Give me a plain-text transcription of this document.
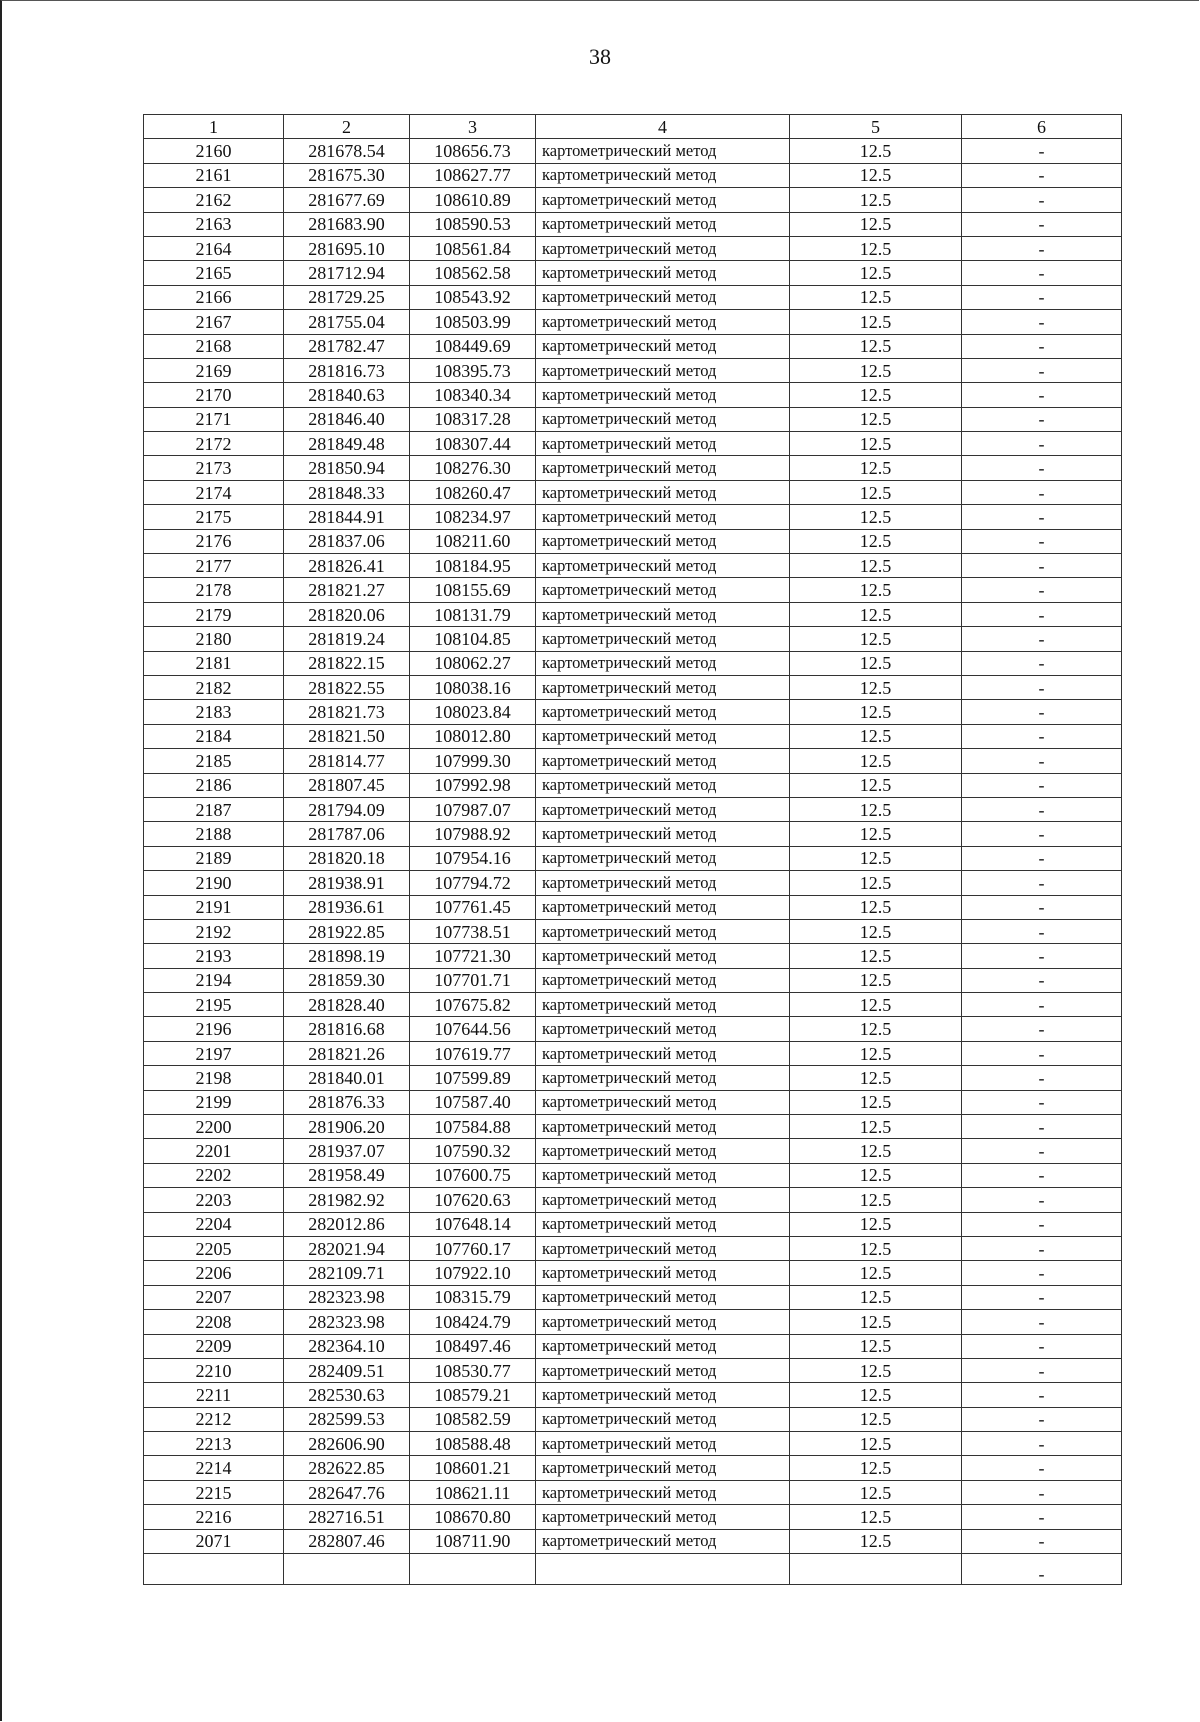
38
1	2	3	4	5	6
2160	281678.54	108656.73	картометрический метод	12.5	-
2161	281675.30	108627.77	картометрический метод	12.5	-
2162	281677.69	108610.89	картометрический метод	12.5	-
2163	281683.90	108590.53	картометрический метод	12.5	-
2164	281695.10	108561.84	картометрический метод	12.5	-
2165	281712.94	108562.58	картометрический метод	12.5	-
2166	281729.25	108543.92	картометрический метод	12.5	-
2167	281755.04	108503.99	картометрический метод	12.5	-
2168	281782.47	108449.69	картометрический метод	12.5	-
2169	281816.73	108395.73	картометрический метод	12.5	-
2170	281840.63	108340.34	картометрический метод	12.5	-
2171	281846.40	108317.28	картометрический метод	12.5	-
2172	281849.48	108307.44	картометрический метод	12.5	-
2173	281850.94	108276.30	картометрический метод	12.5	-
2174	281848.33	108260.47	картометрический метод	12.5	-
2175	281844.91	108234.97	картометрический метод	12.5	-
2176	281837.06	108211.60	картометрический метод	12.5	-
2177	281826.41	108184.95	картометрический метод	12.5	-
2178	281821.27	108155.69	картометрический метод	12.5	-
2179	281820.06	108131.79	картометрический метод	12.5	-
2180	281819.24	108104.85	картометрический метод	12.5	-
2181	281822.15	108062.27	картометрический метод	12.5	-
2182	281822.55	108038.16	картометрический метод	12.5	-
2183	281821.73	108023.84	картометрический метод	12.5	-
2184	281821.50	108012.80	картометрический метод	12.5	-
2185	281814.77	107999.30	картометрический метод	12.5	-
2186	281807.45	107992.98	картометрический метод	12.5	-
2187	281794.09	107987.07	картометрический метод	12.5	-
2188	281787.06	107988.92	картометрический метод	12.5	-
2189	281820.18	107954.16	картометрический метод	12.5	-
2190	281938.91	107794.72	картометрический метод	12.5	-
2191	281936.61	107761.45	картометрический метод	12.5	-
2192	281922.85	107738.51	картометрический метод	12.5	-
2193	281898.19	107721.30	картометрический метод	12.5	-
2194	281859.30	107701.71	картометрический метод	12.5	-
2195	281828.40	107675.82	картометрический метод	12.5	-
2196	281816.68	107644.56	картометрический метод	12.5	-
2197	281821.26	107619.77	картометрический метод	12.5	-
2198	281840.01	107599.89	картометрический метод	12.5	-
2199	281876.33	107587.40	картометрический метод	12.5	-
2200	281906.20	107584.88	картометрический метод	12.5	-
2201	281937.07	107590.32	картометрический метод	12.5	-
2202	281958.49	107600.75	картометрический метод	12.5	-
2203	281982.92	107620.63	картометрический метод	12.5	-
2204	282012.86	107648.14	картометрический метод	12.5	-
2205	282021.94	107760.17	картометрический метод	12.5	-
2206	282109.71	107922.10	картометрический метод	12.5	-
2207	282323.98	108315.79	картометрический метод	12.5	-
2208	282323.98	108424.79	картометрический метод	12.5	-
2209	282364.10	108497.46	картометрический метод	12.5	-
2210	282409.51	108530.77	картометрический метод	12.5	-
2211	282530.63	108579.21	картометрический метод	12.5	-
2212	282599.53	108582.59	картометрический метод	12.5	-
2213	282606.90	108588.48	картометрический метод	12.5	-
2214	282622.85	108601.21	картометрический метод	12.5	-
2215	282647.76	108621.11	картометрический метод	12.5	-
2216	282716.51	108670.80	картометрический метод	12.5	-
2071	282807.46	108711.90	картометрический метод	12.5	-
					-
